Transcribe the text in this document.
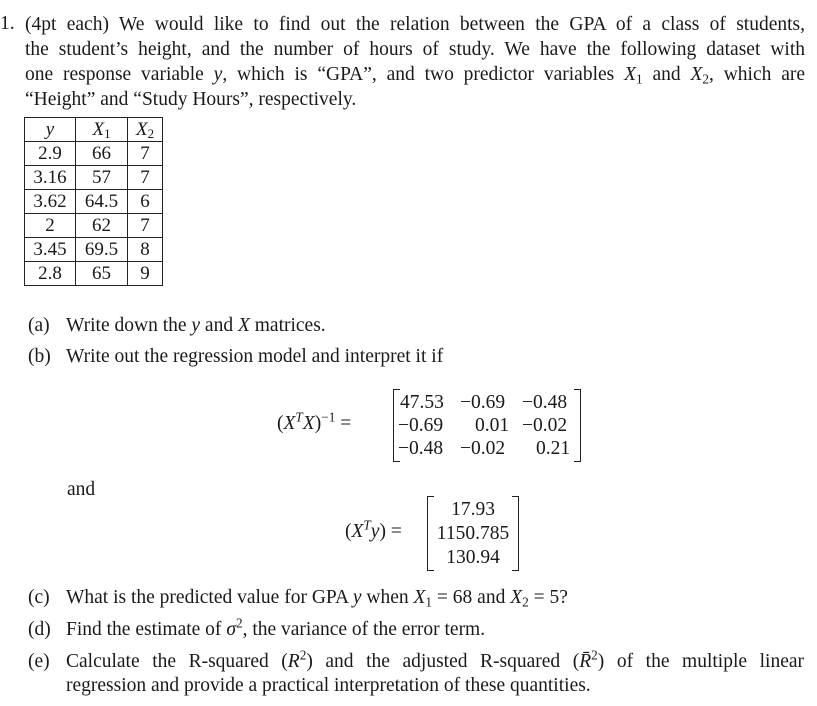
1. (4pt each) We would like to find out the relation between the GPA of a class of students,
the student’s height, and the number of hours of study. We have the following dataset with
one response variable y, which is “GPA”, and two predictor variables $X_1$ and $X_2$, which are
“Height” and “Study Hours”, respectively.
y	$X_1$	$X_2$
2.9	66	7
3.16	57	7
3.62	64.5	6
2	62	7
3.45	69.5	8
2.8	65	9
(a) Write down the y and X matrices.
(b) Write out the regression model and interpret it if
$(X^TX)^{-1}$ =
47.53 −0.69 −0.48
−0.69 0.01 −0.02
−0.48 −0.02 0.21
and
$(X^Ty)$ =
17.93
1150.785
130.94
(c) What is the predicted value for GPA y when $X_1 = 68$ and $X_2 = 5$?
(d) Find the estimate of $\sigma^2$, the variance of the error term.
(e) Calculate the R-squared $(R^2)$ and the adjusted R-squared (R̄$^2$) of the multiple linear
regression and provide a practical interpretation of these quantities.
